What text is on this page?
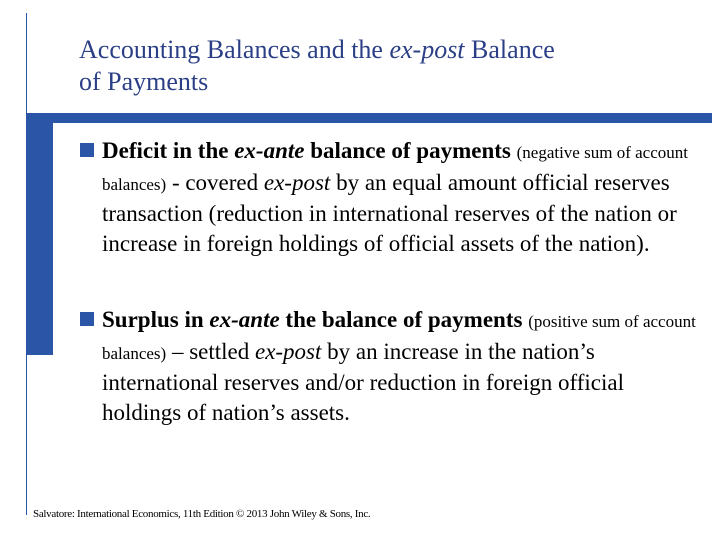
Accounting Balances and the ex-post Balance
of Payments
Deficit in the ex-ante balance of payments (negative sum of account balances) - covered ex-post by an equal amount official reserves transaction (reduction in international reserves of the nation or increase in foreign holdings of official assets of the nation).
Surplus in ex-ante the balance of payments (positive sum of account balances) – settled ex-post by an increase in the nation’s international reserves and/or reduction in foreign official holdings of nation’s assets.
Salvatore: International Economics, 11th Edition © 2013 John Wiley & Sons, Inc.
